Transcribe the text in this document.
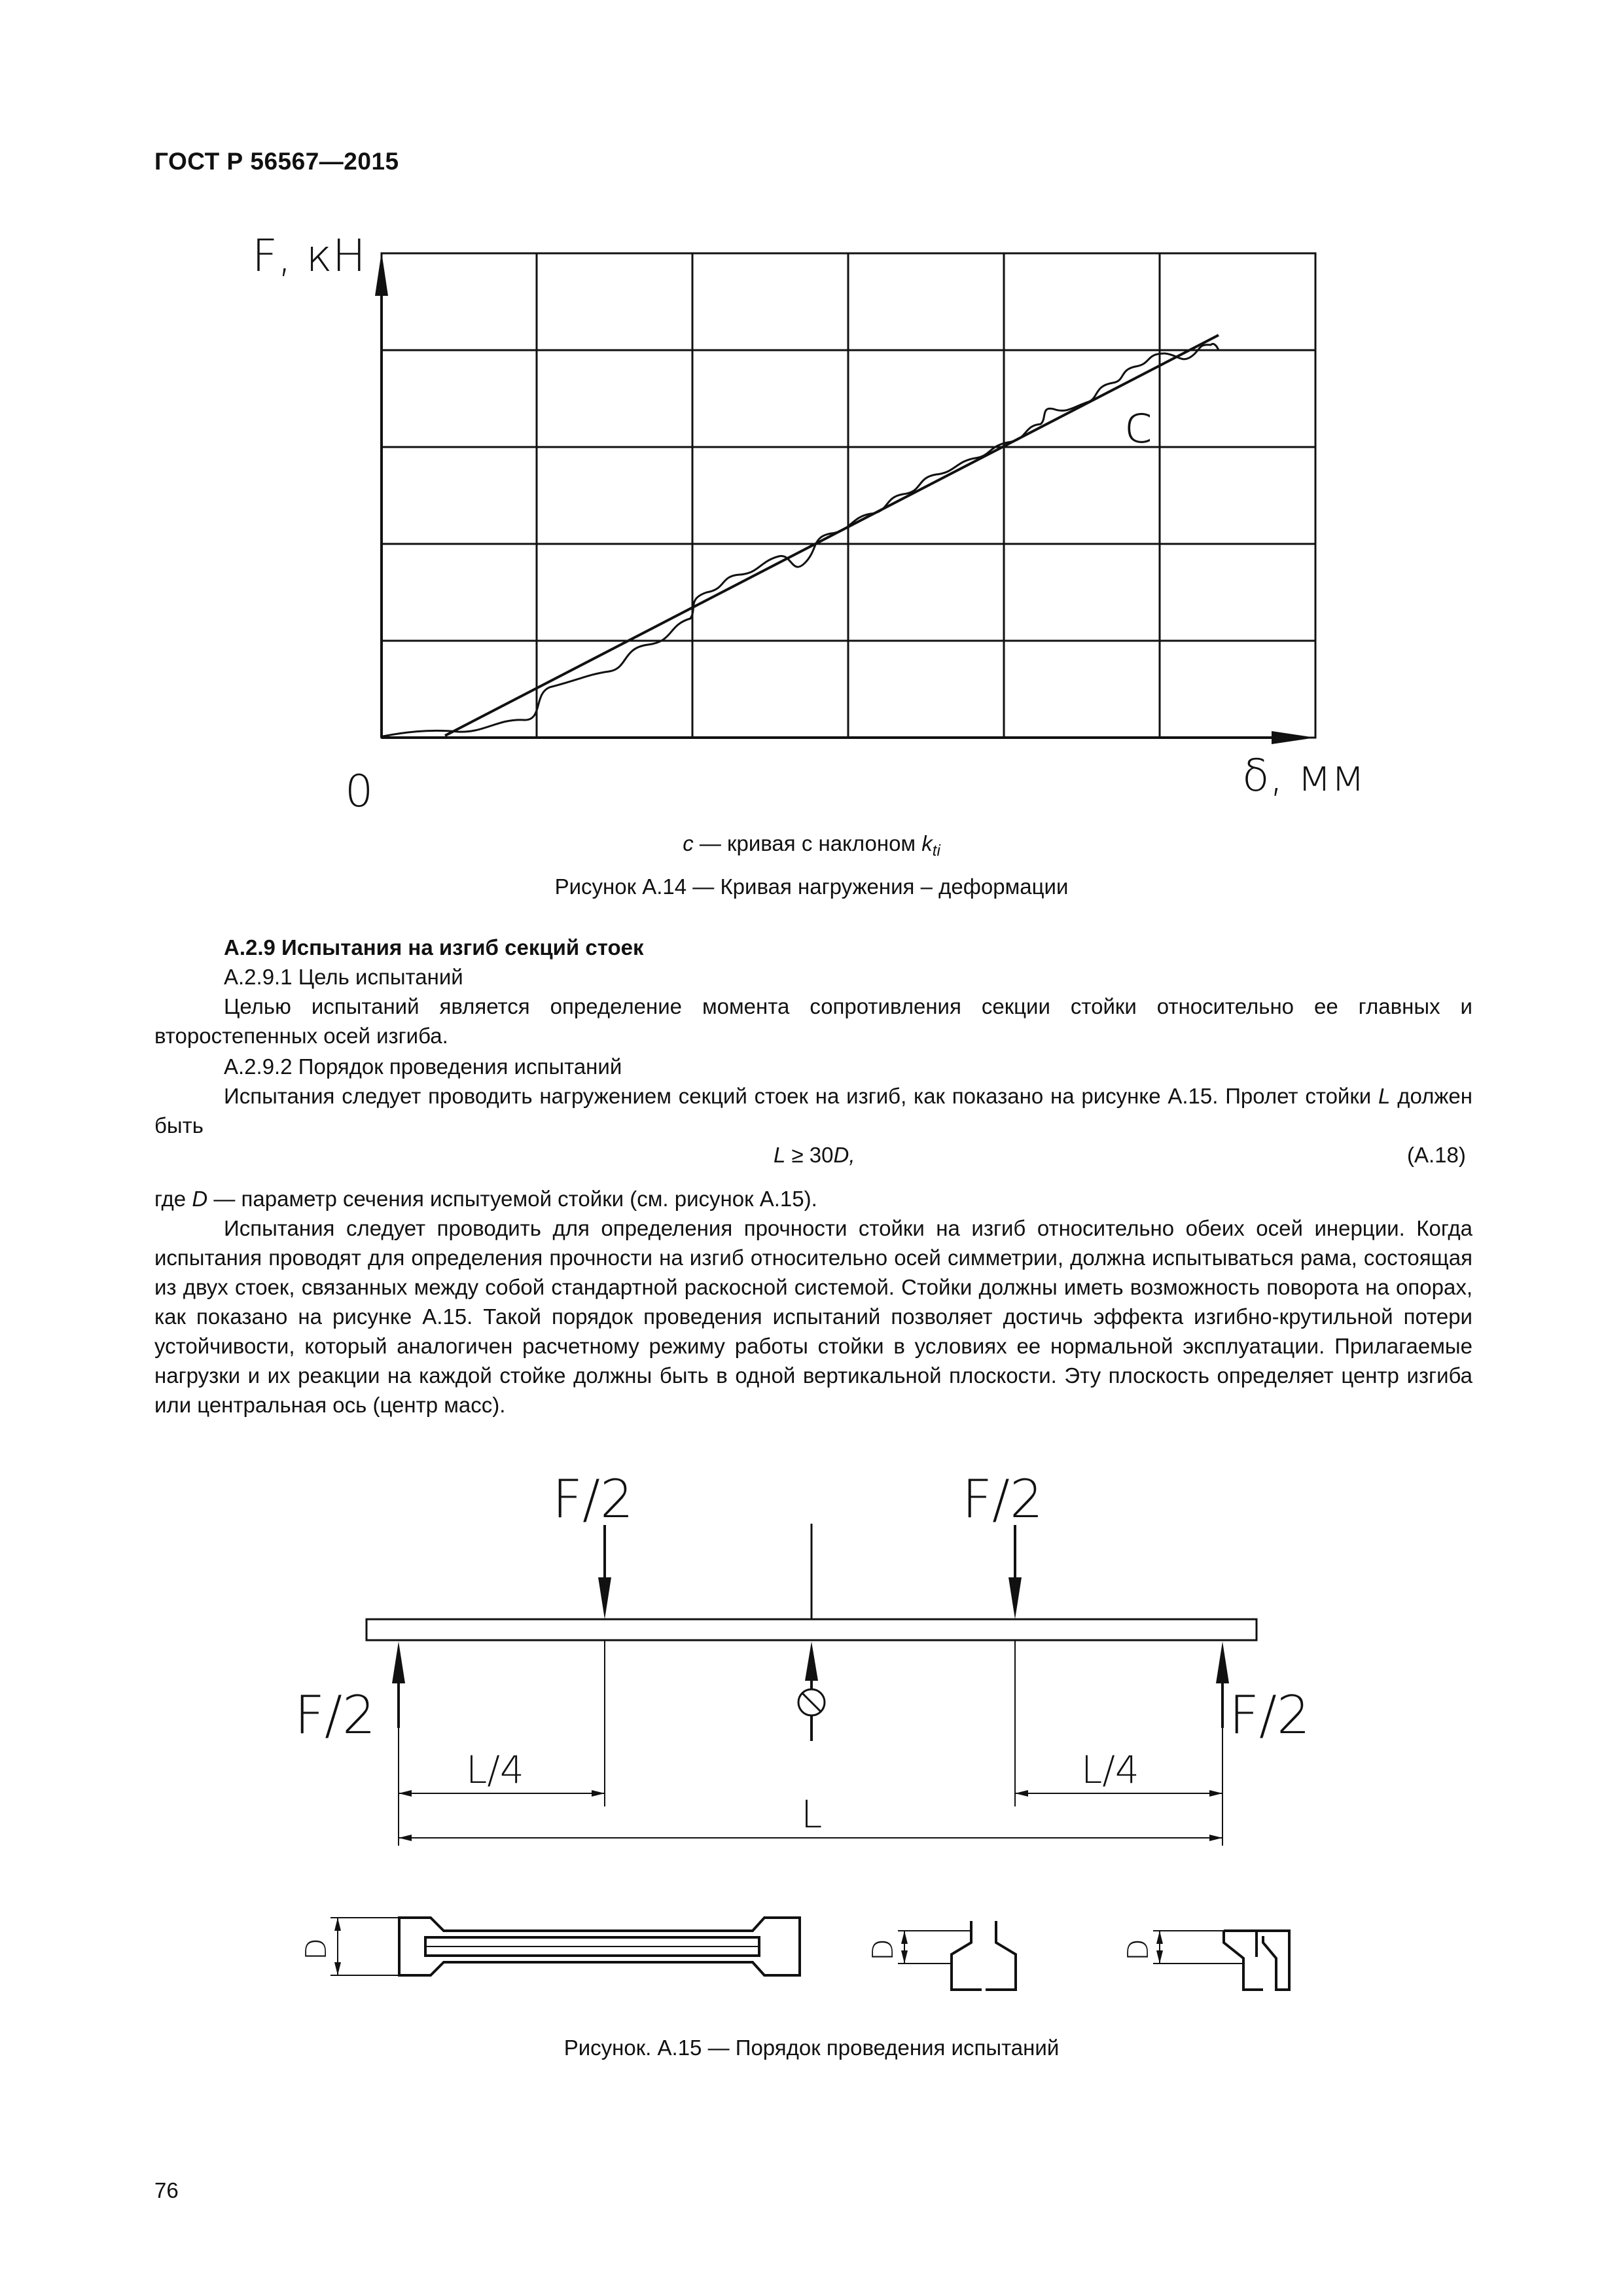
ГОСТ Р 56567—2015
F, кН
δ, мм
0
c
c — кривая с наклоном $k_{ti}$
Рисунок А.14 — Кривая нагружения – деформации
А.2.9 Испытания на изгиб секций стоек
А.2.9.1 Цель испытаний
Целью испытаний является определение момента сопротивления секции стойки относительно ее главных и второстепенных осей изгиба.
А.2.9.2 Порядок проведения испытаний
Испытания следует проводить нагружением секций стоек на изгиб, как показано на рисунке А.15. Пролет стойки L должен быть
L ≥ 30D,	(А.18)
где D — параметр сечения испытуемой стойки (см. рисунок А.15).
Испытания следует проводить для определения прочности стойки на изгиб относительно обеих осей инерции. Когда испытания проводят для определения прочности на изгиб относительно осей симметрии, должна испытываться рама, состоящая из двух стоек, связанных между собой стандартной раскосной системой. Стойки должны иметь возможность поворота на опорах, как показано на рисунке А.15. Такой порядок проведения испытаний позволяет достичь эффекта изгибно-крутильной потери устойчивости, который аналогичен расчетному режиму работы стойки в условиях ее нормальной эксплуатации. Прилагаемые нагрузки и их реакции на каждой стойке должны быть в одной вертикальной плоскости. Эту плоскость определяет центр изгиба или центральная ось (центр масс).
F/2	F/2
F/2	F/2
L/4	L/4
L
D	D	D
Рисунок. А.15 — Порядок проведения испытаний
76
